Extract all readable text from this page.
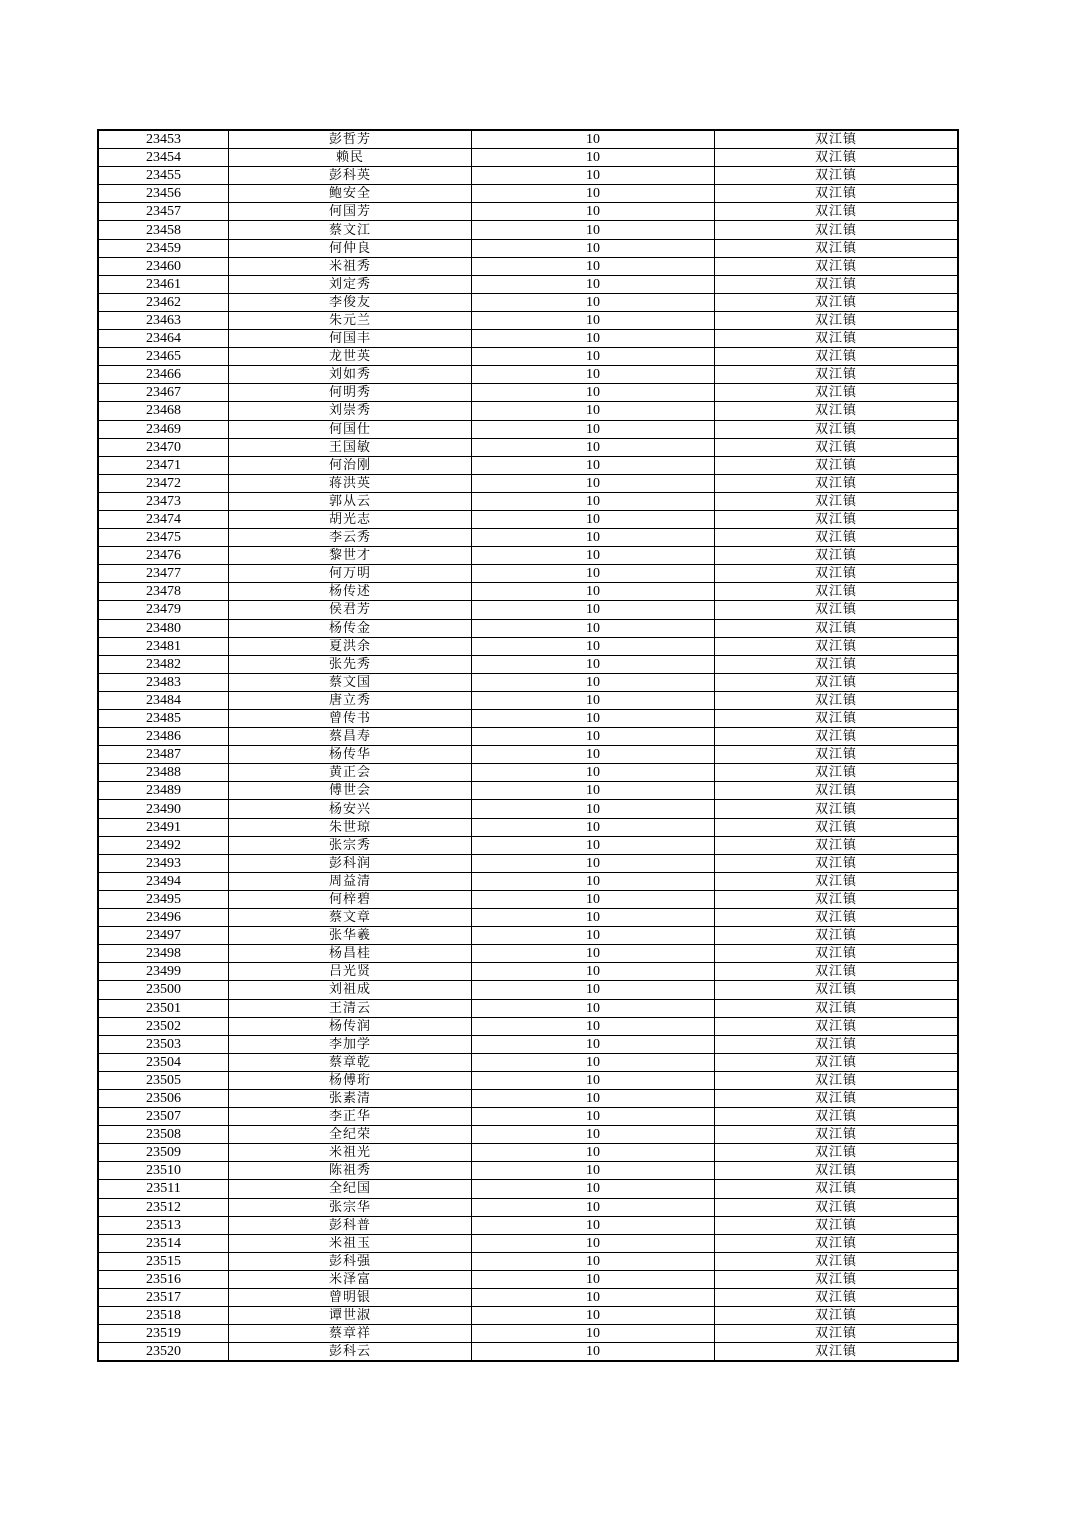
23453	彭哲芳	10	双江镇
23454	赖民	10	双江镇
23455	彭科英	10	双江镇
23456	鲍安全	10	双江镇
23457	何国芳	10	双江镇
23458	蔡文江	10	双江镇
23459	何仲良	10	双江镇
23460	米祖秀	10	双江镇
23461	刘定秀	10	双江镇
23462	李俊友	10	双江镇
23463	朱元兰	10	双江镇
23464	何国丰	10	双江镇
23465	龙世英	10	双江镇
23466	刘如秀	10	双江镇
23467	何明秀	10	双江镇
23468	刘崇秀	10	双江镇
23469	何国仕	10	双江镇
23470	王国敏	10	双江镇
23471	何治刚	10	双江镇
23472	蒋洪英	10	双江镇
23473	郭从云	10	双江镇
23474	胡光志	10	双江镇
23475	李云秀	10	双江镇
23476	黎世才	10	双江镇
23477	何万明	10	双江镇
23478	杨传述	10	双江镇
23479	侯君芳	10	双江镇
23480	杨传金	10	双江镇
23481	夏洪余	10	双江镇
23482	张先秀	10	双江镇
23483	蔡文国	10	双江镇
23484	唐立秀	10	双江镇
23485	曾传书	10	双江镇
23486	蔡昌寿	10	双江镇
23487	杨传华	10	双江镇
23488	黄正会	10	双江镇
23489	傅世会	10	双江镇
23490	杨安兴	10	双江镇
23491	朱世琼	10	双江镇
23492	张宗秀	10	双江镇
23493	彭科润	10	双江镇
23494	周益清	10	双江镇
23495	何梓碧	10	双江镇
23496	蔡文章	10	双江镇
23497	张华羲	10	双江镇
23498	杨昌桂	10	双江镇
23499	吕光贤	10	双江镇
23500	刘祖成	10	双江镇
23501	王清云	10	双江镇
23502	杨传润	10	双江镇
23503	李加学	10	双江镇
23504	蔡章乾	10	双江镇
23505	杨傅珩	10	双江镇
23506	张素清	10	双江镇
23507	李正华	10	双江镇
23508	全纪荣	10	双江镇
23509	米祖光	10	双江镇
23510	陈祖秀	10	双江镇
23511	全纪国	10	双江镇
23512	张宗华	10	双江镇
23513	彭科普	10	双江镇
23514	米祖玉	10	双江镇
23515	彭科强	10	双江镇
23516	米泽富	10	双江镇
23517	曾明银	10	双江镇
23518	谭世淑	10	双江镇
23519	蔡章祥	10	双江镇
23520	彭科云	10	双江镇
